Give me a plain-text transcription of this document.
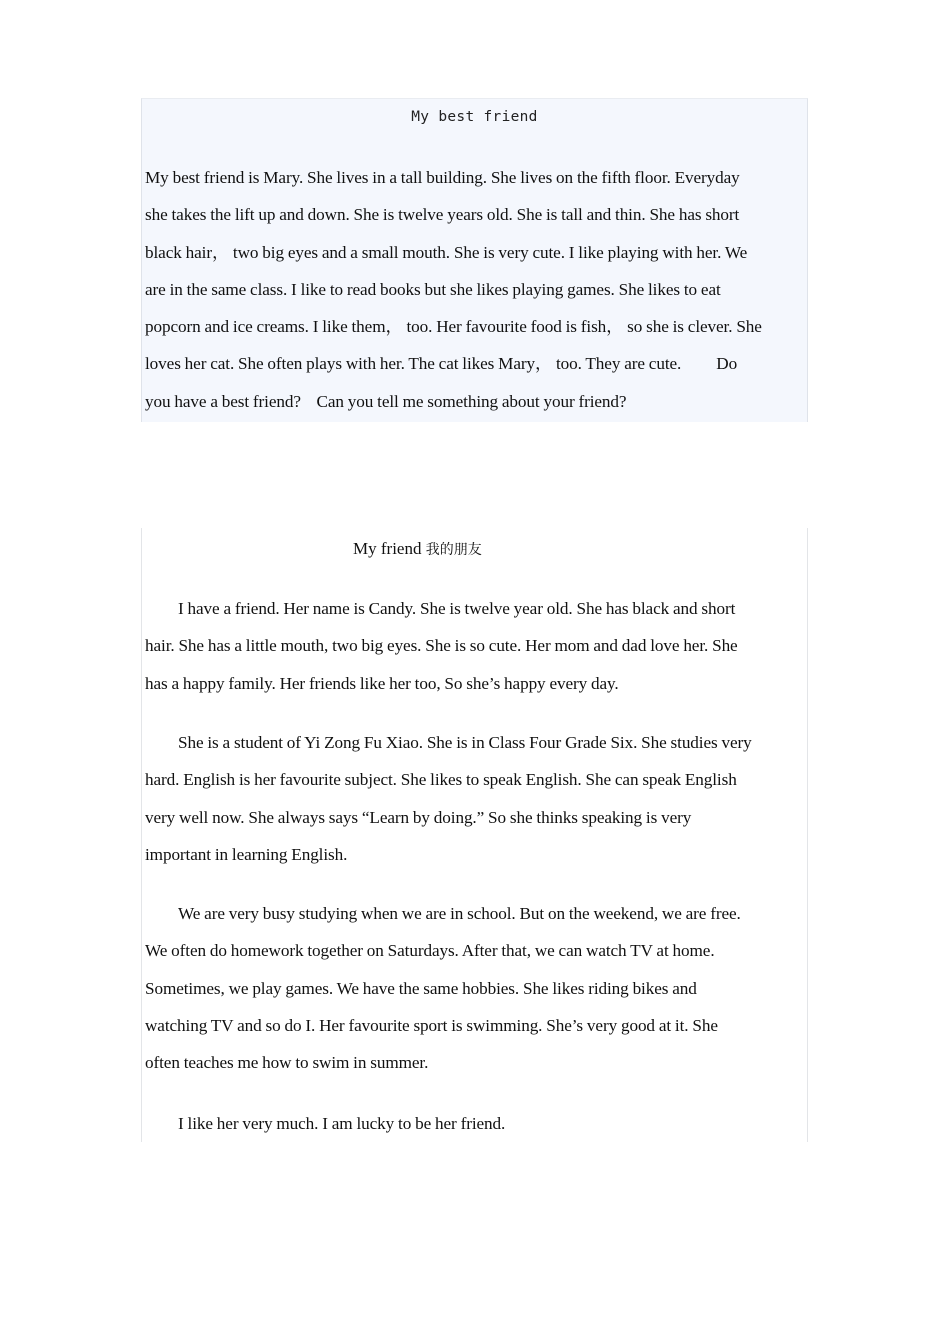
My best friend
My best friend is Mary. She lives in a tall building. She lives on the fifth floor. Everyday
she takes the lift up and down. She is twelve years old. She is tall and thin. She has short
black hair， two big eyes and a small mouth. She is very cute. I like playing with her. We
are in the same class. I like to read books but she likes playing games. She likes to eat
popcorn and ice creams. I like them， too. Her favourite food is fish， so she is clever. She
loves her cat. She often plays with her. The cat likes Mary， too. They are cute.         Do
you have a best friend?    Can you tell me something about your friend?
My friend 我的朋友
I have a friend. Her name is Candy. She is twelve year old. She has black and short
hair. She has a little mouth, two big eyes. She is so cute. Her mom and dad love her. She
has a happy family. Her friends like her too, So she’s happy every day.
She is a student of Yi Zong Fu Xiao. She is in Class Four Grade Six. She studies very
hard. English is her favourite subject. She likes to speak English. She can speak English
very well now. She always says “Learn by doing.” So she thinks speaking is very
important in learning English.
We are very busy studying when we are in school. But on the weekend, we are free.
We often do homework together on Saturdays. After that, we can watch TV at home.
Sometimes, we play games. We have the same hobbies. She likes riding bikes and
watching TV and so do I. Her favourite sport is swimming. She’s very good at it. She
often teaches me how to swim in summer.
I like her very much. I am lucky to be her friend.
